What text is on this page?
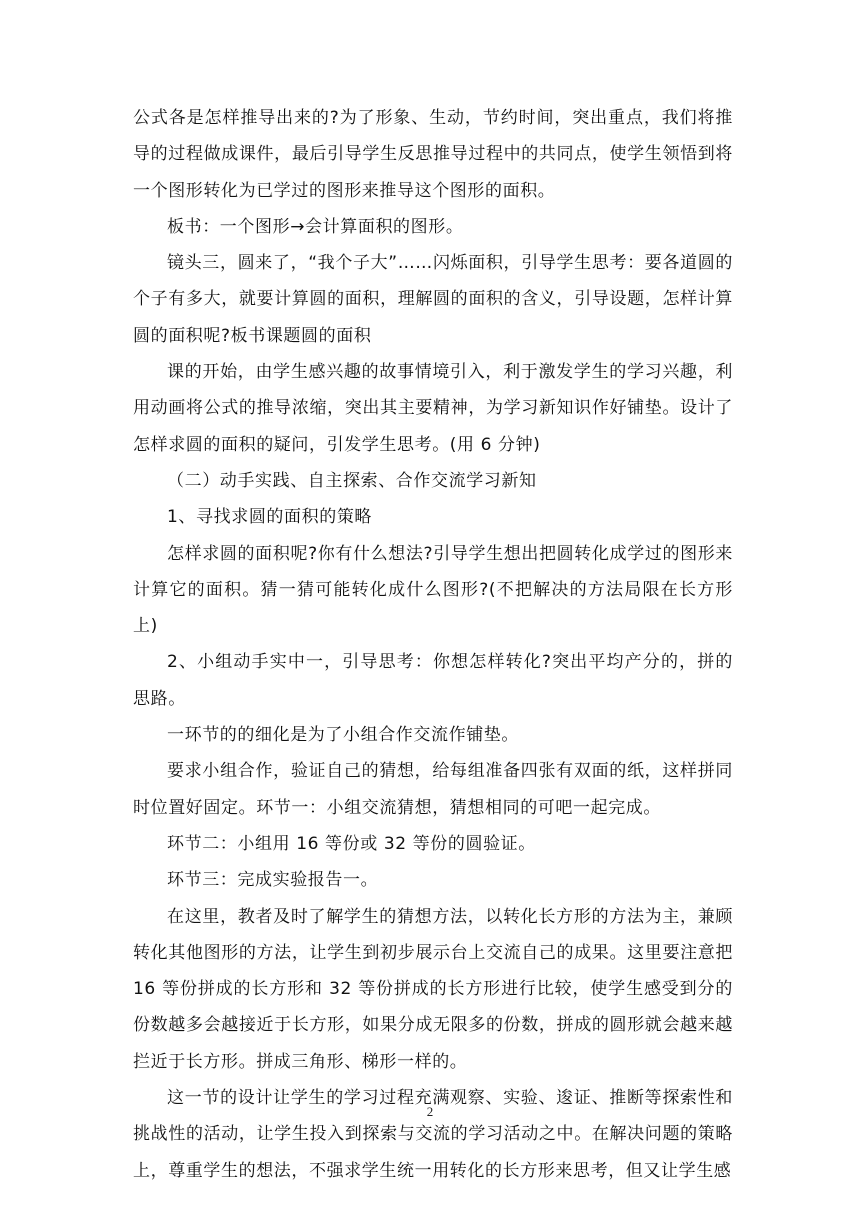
公式各是怎样推导出来的?为了形象、生动，节约时间，突出重点，我们将推导的过程做成课件，最后引导学生反思推导过程中的共同点，使学生领悟到将一个图形转化为已学过的图形来推导这个图形的面积。

板书：一个图形→会计算面积的图形。

镜头三，圆来了，“我个子大”……闪烁面积，引导学生思考：要各道圆的个子有多大，就要计算圆的面积，理解圆的面积的含义，引导设题，怎样计算圆的面积呢?板书课题圆的面积

课的开始，由学生感兴趣的故事情境引入，利于激发学生的学习兴趣，利用动画将公式的推导浓缩，突出其主要精神，为学习新知识作好铺垫。设计了怎样求圆的面积的疑问，引发学生思考。(用 6 分钟)

（二）动手实践、自主探索、合作交流学习新知

1、寻找求圆的面积的策略

怎样求圆的面积呢?你有什么想法?引导学生想出把圆转化成学过的图形来计算它的面积。猜一猜可能转化成什么图形?(不把解决的方法局限在长方形上)

2、小组动手实中一，引导思考：你想怎样转化?突出平均产分的，拼的思路。

一环节的的细化是为了小组合作交流作铺垫。

要求小组合作，验证自己的猜想，给每组准备四张有双面的纸，这样拼同时位置好固定。环节一：小组交流猜想，猜想相同的可吧一起完成。

环节二：小组用 16 等份或 32 等份的圆验证。

环节三：完成实验报告一。

在这里，教者及时了解学生的猜想方法，以转化长方形的方法为主，兼顾转化其他图形的方法，让学生到初步展示台上交流自己的成果。这里要注意把 16 等份拼成的长方形和 32 等份拼成的长方形进行比较，使学生感受到分的份数越多会越接近于长方形，如果分成无限多的份数，拼成的圆形就会越来越拦近于长方形。拼成三角形、梯形一样的。

这一节的设计让学生的学习过程充满观察、实验、逡证、推断等探索性和挑战性的活动，让学生投入到探索与交流的学习活动之中。在解决问题的策略上，尊重学生的想法，不强求学生统一用转化的长方形来思考，但又让学生感

2
